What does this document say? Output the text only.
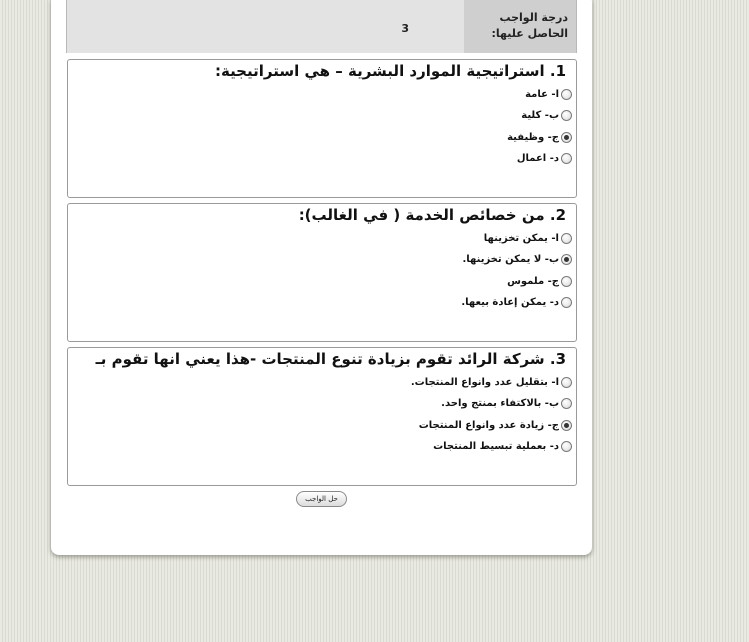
3
درجة الواجب
الحاصل عليها:
1. استراتيجية الموارد البشرية – هي استراتيجية:
ا- عامة
ب- كلية
ج- وظيفية
د- اعمال
2. من خصائص الخدمة ( في الغالب):
ا- يمكن تخزينها
ب- لا يمكن تخزينها.
ج- ملموس
د- يمكن إعادة بيعها.
3. شركة الرائد تقوم بزيادة تنوع المنتجات -هذا يعني انها تقوم بـ
ا- بتقليل عدد وانواع المنتجات.
ب- بالاكتفاء بمنتج واحد.
ج- زيادة عدد وانواع المنتجات
د- بعملية تبسيط المنتجات
حل الواجب
